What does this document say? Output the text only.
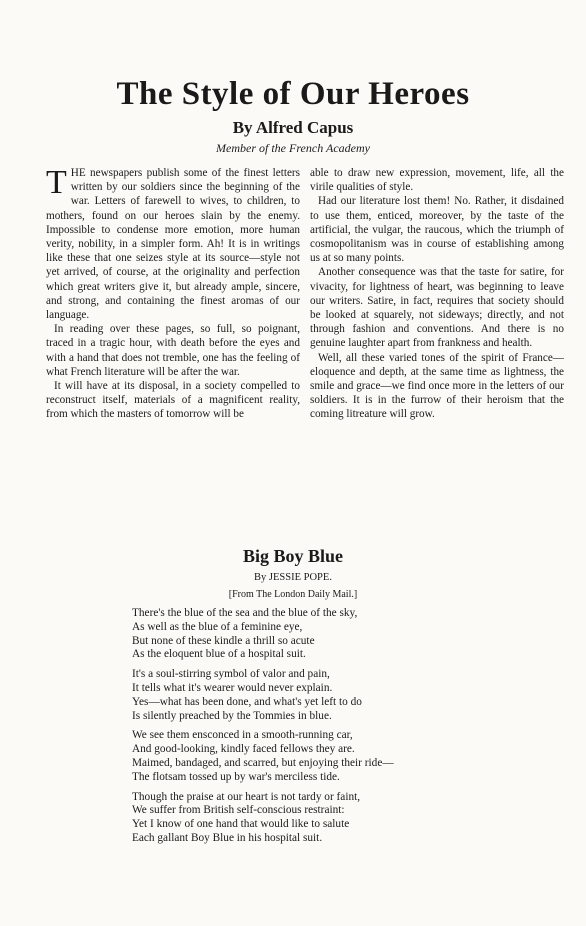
The Style of Our Heroes
By Alfred Capus
Member of the French Academy

THE newspapers publish some of the finest letters written by our soldiers since the beginning of the war. Letters of farewell to wives, to children, to mothers, found on our heroes slain by the enemy. Impossible to condense more emotion, more human verity, nobility, in a simpler form. Ah! It is in writings like these that one seizes style at its source—style not yet arrived, of course, at the originality and perfection which great writers give it, but already ample, sincere, and strong, and containing the finest aromas of our language.

In reading over these pages, so full, so poignant, traced in a tragic hour, with death before the eyes and with a hand that does not tremble, one has the feeling of what French literature will be after the war.

It will have at its disposal, in a society compelled to reconstruct itself, materials of a magnificent reality, from which the masters of tomorrow will be

able to draw new expression, movement, life, all the virile qualities of style.

Had our literature lost them! No. Rather, it disdained to use them, enticed, moreover, by the taste of the artificial, the vulgar, the raucous, which the triumph of cosmopolitanism was in course of establishing among us at so many points.

Another consequence was that the taste for satire, for vivacity, for lightness of heart, was beginning to leave our writers. Satire, in fact, requires that society should be looked at squarely, not sideways; directly, and not through fashion and conventions. And there is no genuine laughter apart from frankness and health.

Well, all these varied tones of the spirit of France—eloquence and depth, at the same time as lightness, the smile and grace—we find once more in the letters of our soldiers. It is in the furrow of their heroism that the coming litreature will grow.

Big Boy Blue
By JESSIE POPE.
[From The London Daily Mail.]
There's the blue of the sea and the blue of the sky,
As well as the blue of a feminine eye,
But none of these kindle a thrill so acute
As the eloquent blue of a hospital suit.
It's a soul-stirring symbol of valor and pain,
It tells what it's wearer would never explain.
Yes—what has been done, and what's yet left to do
Is silently preached by the Tommies in blue.
We see them ensconced in a smooth-running car,
And good-looking, kindly faced fellows they are.
Maimed, bandaged, and scarred, but enjoying their ride—
The flotsam tossed up by war's merciless tide.
Though the praise at our heart is not tardy or faint,
We suffer from British self-conscious restraint:
Yet I know of one hand that would like to salute
Each gallant Boy Blue in his hospital suit.
